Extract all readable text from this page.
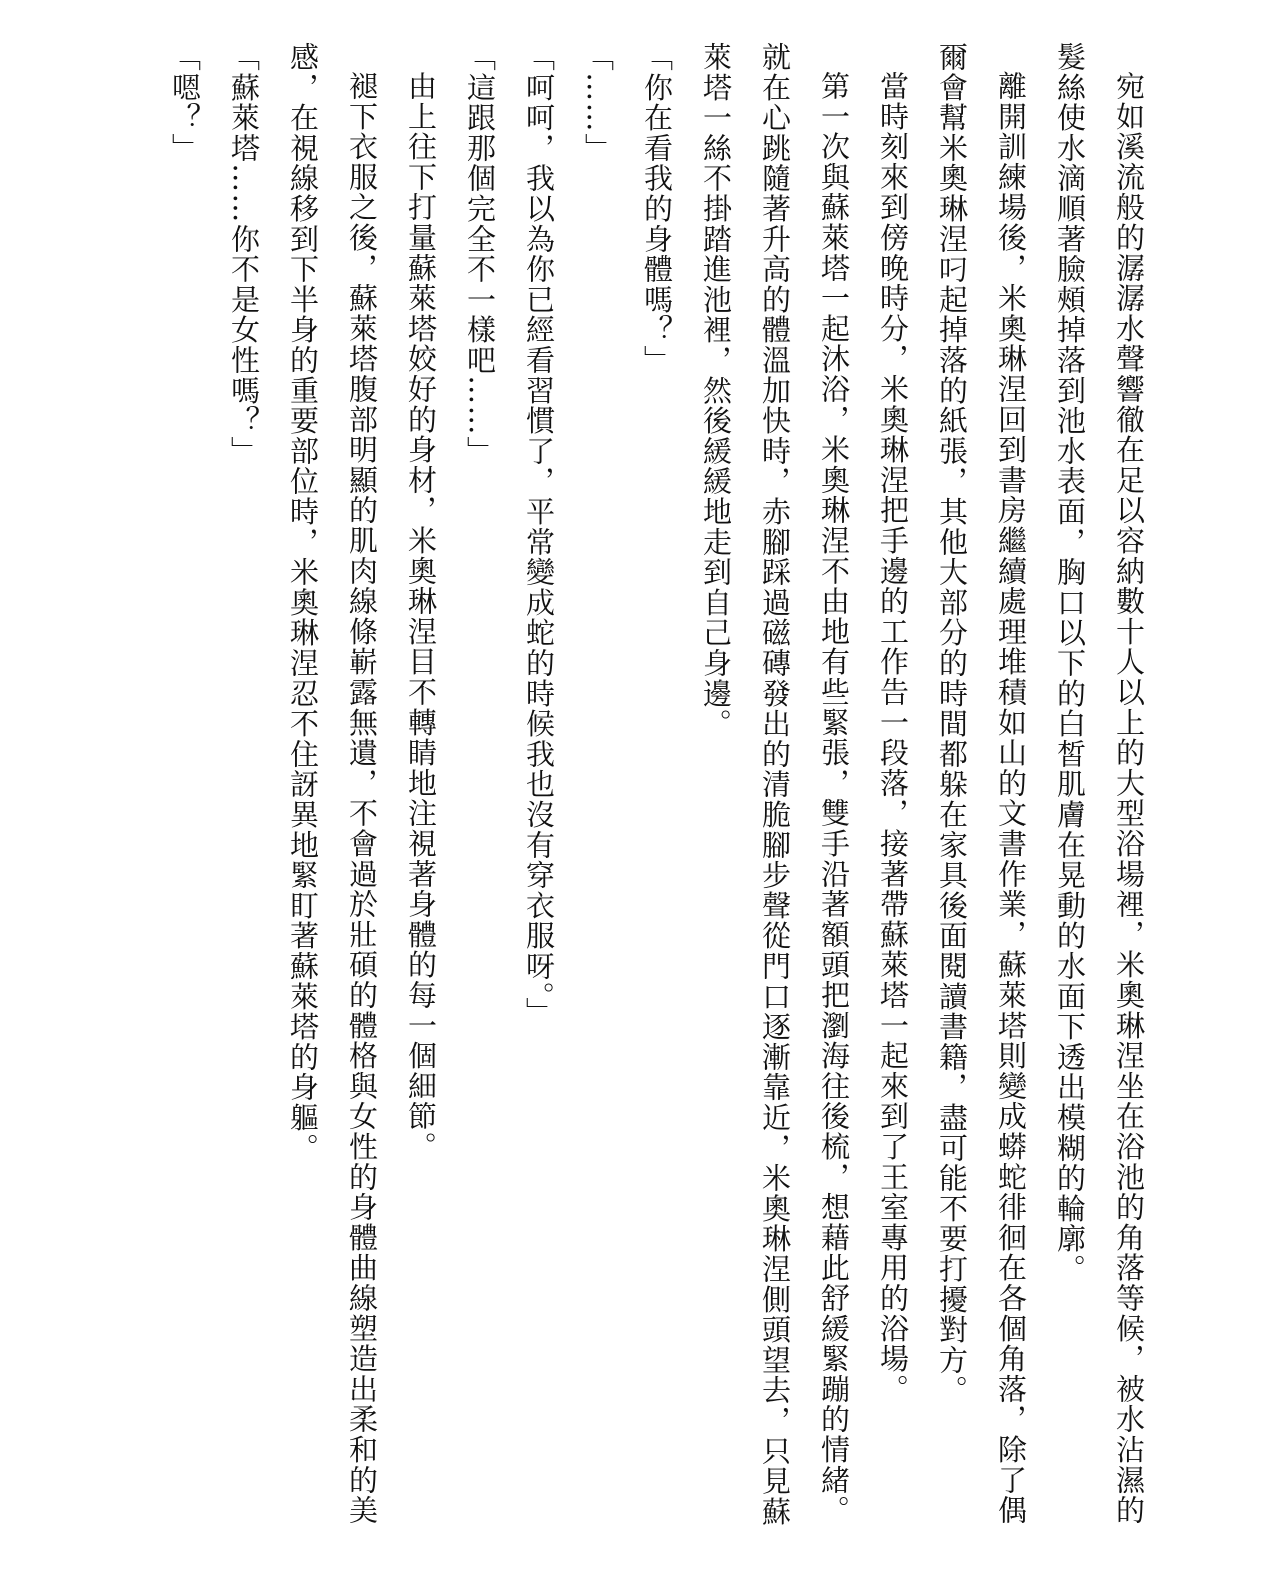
宛如溪流般的潺潺水聲響徹在足以容納數十人以上的大型浴場裡，米奧琳涅坐在浴池的角落等候，被水沾濕的髮絲使水滴順著臉頰掉落到池水表面，胸口以下的白皙肌膚在晃動的水面下透出模糊的輪廓。

離開訓練場後，米奧琳涅回到書房繼續處理堆積如山的文書作業，蘇萊塔則變成蟒蛇徘徊在各個角落，除了偶爾會幫米奧琳涅叼起掉落的紙張，其他大部分的時間都躲在家具後面閱讀書籍，盡可能不要打擾對方。

當時刻來到傍晚時分，米奧琳涅把手邊的工作告一段落，接著帶蘇萊塔一起來到了王室專用的浴場。

第一次與蘇萊塔一起沐浴，米奧琳涅不由地有些緊張，雙手沿著額頭把瀏海往後梳，想藉此舒緩緊蹦的情緒。就在心跳隨著升高的體溫加快時，赤腳踩過磁磚發出的清脆腳步聲從門口逐漸靠近，米奧琳涅側頭望去，只見蘇萊塔一絲不掛踏進池裡，然後緩緩地走到自己身邊。

「你在看我的身體嗎？」

「……」

「呵呵，我以為你已經看習慣了，平常變成蛇的時候我也沒有穿衣服呀。」

「這跟那個完全不一樣吧……」

由上往下打量蘇萊塔姣好的身材，米奧琳涅目不轉睛地注視著身體的每一個細節。

褪下衣服之後，蘇萊塔腹部明顯的肌肉線條嶄露無遺，不會過於壯碩的體格與女性的身體曲線塑造出柔和的美感，在視線移到下半身的重要部位時，米奧琳涅忍不住訝異地緊盯著蘇萊塔的身軀。

「蘇萊塔……你不是女性嗎？」

「嗯？」
